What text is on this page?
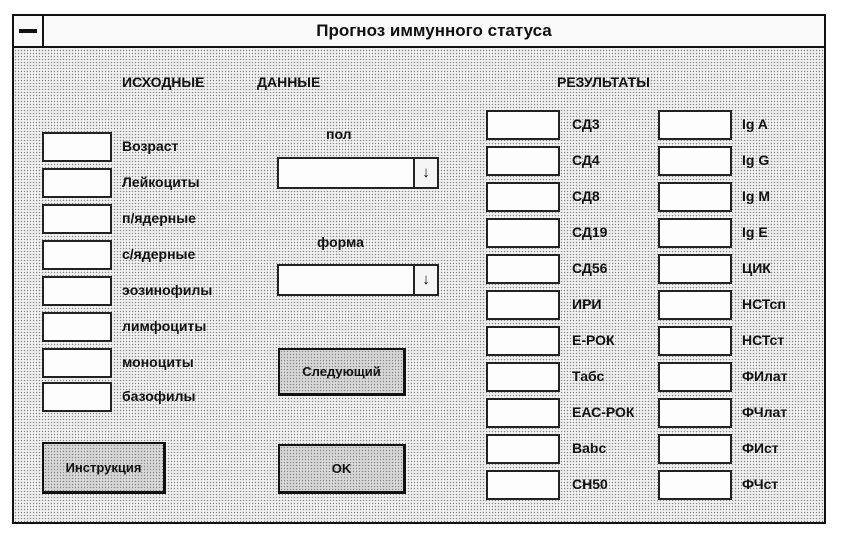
Прогноз иммунного статуса
ИСХОДНЫЕ	ДАННЫЕ	РЕЗУЛЬТАТЫ
Возраст
Лейкоциты
п/ядерные
с/ядерные
эозинофилы
лимфоциты
моноциты
базофилы
пол
↓
форма
↓
Следующий
Инструкция	OK
СД3
СД4
СД8
СД19
СД56
ИРИ
Е-РОК
Табс
ЕАС-РОК
Babc
CH50
Ig A
Ig G
Ig M
Ig E
ЦИК
НСТсп
НСТст
ФИлат
ФЧлат
ФИст
ФЧст
